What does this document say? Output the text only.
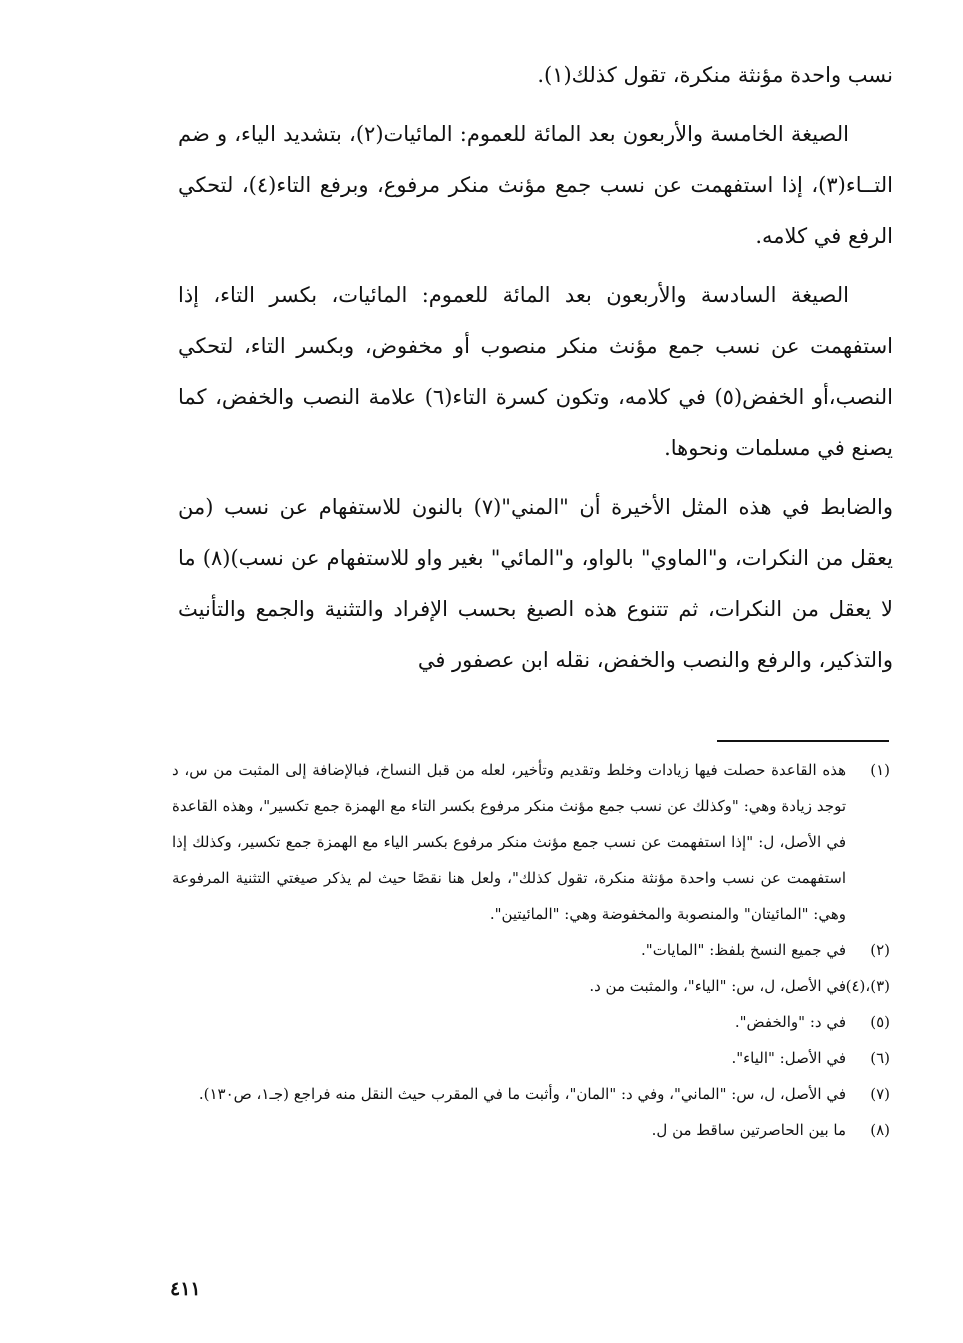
نسب واحدة مؤنثة منكرة، تقول كذلك(١).

الصيغة الخامسة والأربعون بعد المائة للعموم: المائيات(٢)، بتشديد الياء، و ضم التــاء(٣)، إذا استفهمت عن نسب جمع مؤنث منكر مرفوع، وبرفع التاء(٤)، لتحكي الرفع في كلامه.

الصيغة السادسة والأربعون بعد المائة للعموم: المائيات، بكسر التاء، إذا استفهمت عن نسب جمع مؤنث منكر منصوب أو مخفوض، وبكسر التاء، لتحكي النصب،أو الخفض(٥) في كلامه، وتكون كسرة التاء(٦) علامة النصب والخفض، كما يصنع في مسلمات ونحوها.

والضابط في هذه المثل الأخيرة أن "المني"(٧) بالنون للاستفهام عن نسب (من يعقل من النكرات، و"الماوي" بالواو، و"المائي" بغير واو للاستفهام عن نسب)(٨) ما لا يعقل من النكرات، ثم تتنوع هذه الصيغ بحسب الإفراد والتثنية والجمع والتأنيث والتذكير، والرفع والنصب والخفض، نقله ابن عصفور في

(١)
هذه القاعدة حصلت فيها زيادات وخلط وتقديم وتأخير، لعله من قبل النساخ، فبالإضافة إلى المثبت من س، د توجد زيادة وهي: "وكذلك عن نسب جمع مؤنث منكر مرفوع بكسر التاء مع الهمزة جمع تكسير"، وهذه القاعدة في الأصل، ل: "إذا استفهمت عن نسب جمع مؤنث منكر مرفوع بكسر الياء مع الهمزة جمع تكسير، وكذلك إذا استفهمت عن نسب واحدة مؤنثة منكرة، تقول كذلك"، ولعل هنا نقصًا حيث لم يذكر صيغتي التثنية المرفوعة وهي: "المائيتان" والمنصوبة والمخفوضة وهي: "المائيتين".
(٢)
في جميع النسخ بلفظ: "المايات".
(٣)،(٤)
في الأصل، ل، س: "الياء"، والمثبت من د.
(٥)
في د: "والخفض".
(٦)
في الأصل: "الياء".
(٧)
في الأصل، ل، س: "الماني"، وفي د: "المان"، وأثبت ما في المقرب حيث النقل منه فراجع (جـ١، ص١٣٠).
(٨)
ما بين الحاصرتين ساقط من ل.
٤١١
